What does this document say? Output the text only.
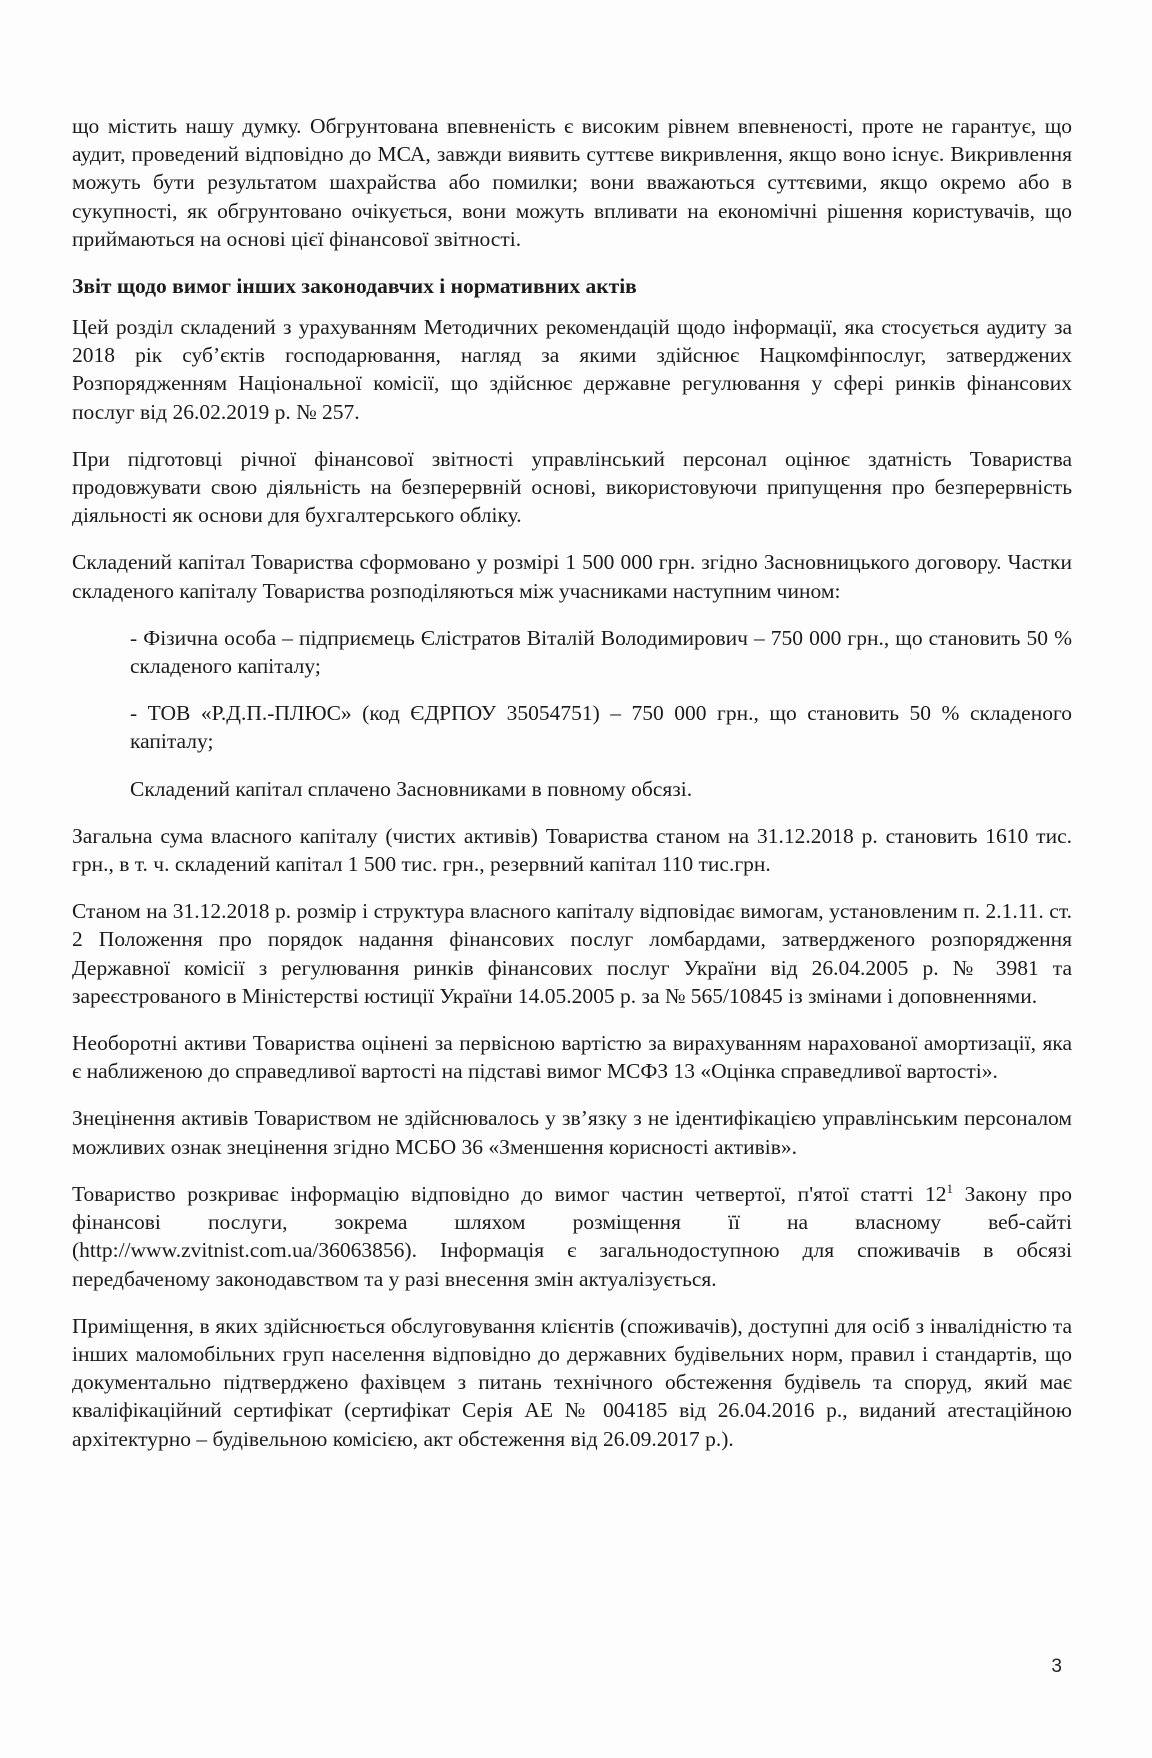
що містить нашу думку. Обгрунтована впевненість є високим рівнем впевненості, проте не гарантує, що аудит, проведений відповідно до МСА, завжди виявить суттєве викривлення, якщо воно існує. Викривлення можуть бути результатом шахрайства або помилки; вони вважаються суттєвими, якщо окремо або в сукупності, як обгрунтовано очікується, вони можуть впливати на економічні рішення користувачів, що приймаються на основі цієї фінансової звітності.

Звіт щодо вимог інших законодавчих і нормативних актів

Цей розділ складений з урахуванням Методичних рекомендацій щодо інформації, яка стосується аудиту за 2018 рік суб’єктів господарювання, нагляд за якими здійснює Нацкомфінпослуг, затверджених Розпорядженням Національної комісії, що здійснює державне регулювання у сфері ринків фінансових послуг від 26.02.2019 р. № 257.

При підготовці річної фінансової звітності управлінський персонал оцінює здатність Товариства продовжувати свою діяльність на безперервній основі, використовуючи припущення про безперервність діяльності як основи для бухгалтерського обліку.

Складений капітал Товариства сформовано у розмірі 1 500 000 грн. згідно Засновницького договору. Частки складеного капіталу Товариства розподіляються між учасниками наступним чином:

- Фізична особа – підприємець Єлістратов Віталій Володимирович – 750 000 грн., що становить 50 % складеного капіталу;

- ТОВ «Р.Д.П.-ПЛЮС» (код ЄДРПОУ 35054751) – 750 000 грн., що становить 50 % складеного капіталу;

Складений капітал сплачено Засновниками в повному обсязі.

Загальна сума власного капіталу (чистих активів) Товариства станом на 31.12.2018 р. становить 1610 тис. грн., в т. ч. складений капітал 1 500 тис. грн., резервний капітал 110 тис.грн.

Станом на 31.12.2018 р. розмір і структура власного капіталу відповідає вимогам, установленим п. 2.1.11. ст. 2 Положення про порядок надання фінансових послуг ломбардами, затвердженого розпорядження Державної комісії з регулювання ринків фінансових послуг України від 26.04.2005 р. № 3981 та зареєстрованого в Міністерстві юстиції України 14.05.2005 р. за № 565/10845 із змінами і доповненнями.

Необоротні активи Товариства оцінені за первісною вартістю за вирахуванням нарахованої амортизації, яка є наближеною до справедливої вартості на підставі вимог МСФЗ 13 «Оцінка справедливої вартості».

Знецінення активів Товариством не здійснювалось у зв’язку з не ідентифікацією управлінським персоналом можливих ознак знецінення згідно МСБО 36 «Зменшення корисності активів».

Товариство розкриває інформацію відповідно до вимог частин четвертої, п'ятої статті 12$^1$ Закону про фінансові послуги, зокрема шляхом розміщення її на власному веб-сайті (http://www.zvitnist.com.ua/36063856). Інформація є загальнодоступною для споживачів в обсязі передбаченому законодавством та у разі внесення змін актуалізується.

Приміщення, в яких здійснюється обслуговування клієнтів (споживачів), доступні для осіб з інвалідністю та інших маломобільних груп населення відповідно до державних будівельних норм, правил і стандартів, що документально підтверджено фахівцем з питань технічного обстеження будівель та споруд, який має кваліфікаційний сертифікат (сертифікат Серія АЕ № 004185 від 26.04.2016 р., виданий атестаційною архітектурно – будівельною комісією, акт обстеження від 26.09.2017 р.).

3
